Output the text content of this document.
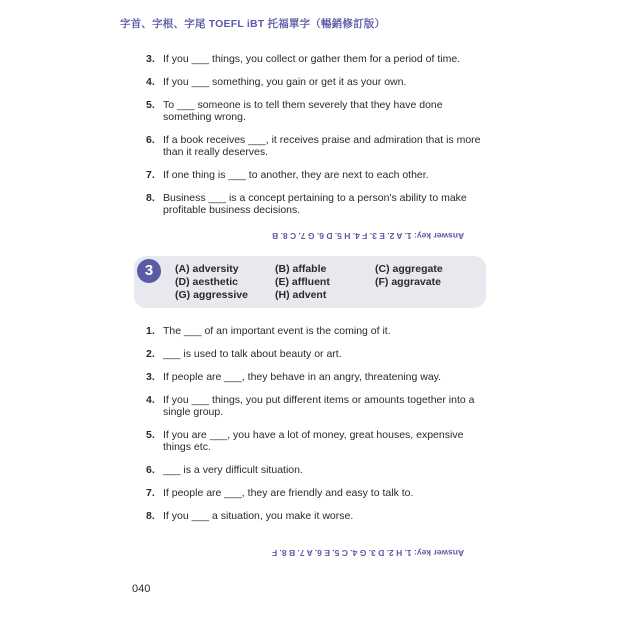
字首、字根、字尾 TOEFL iBT 托福單字（暢銷修訂版）
3. If you ___ things, you collect or gather them for a period of time.
4. If you ___ something, you gain or get it as your own.
5. To ___ someone is to tell them severely that they have done something wrong.
6. If a book receives ___, it receives praise and admiration that is more than it really deserves.
7. If one thing is ___ to another, they are next to each other.
8. Business ___ is a concept pertaining to a person's ability to make profitable business decisions.
Answer key: 1. A 2. E 3. F 4. H 5. D 6. G 7. C 8. B
3	(A) adversity	(B) affable	(C) aggregate
(D) aesthetic	(E) affluent	(F) aggravate
(G) aggressive	(H) advent
1. The ___ of an important event is the coming of it.
2. ___ is used to talk about beauty or art.
3. If people are ___, they behave in an angry, threatening way.
4. If you ___ things, you put different items or amounts together into a single group.
5. If you are ___, you have a lot of money, great houses, expensive things etc.
6. ___ is a very difficult situation.
7. If people are ___, they are friendly and easy to talk to.
8. If you ___ a situation, you make it worse.
Answer key: 1. H 2. D 3. G 4. C 5. E 6. A 7. B 8. F
040
